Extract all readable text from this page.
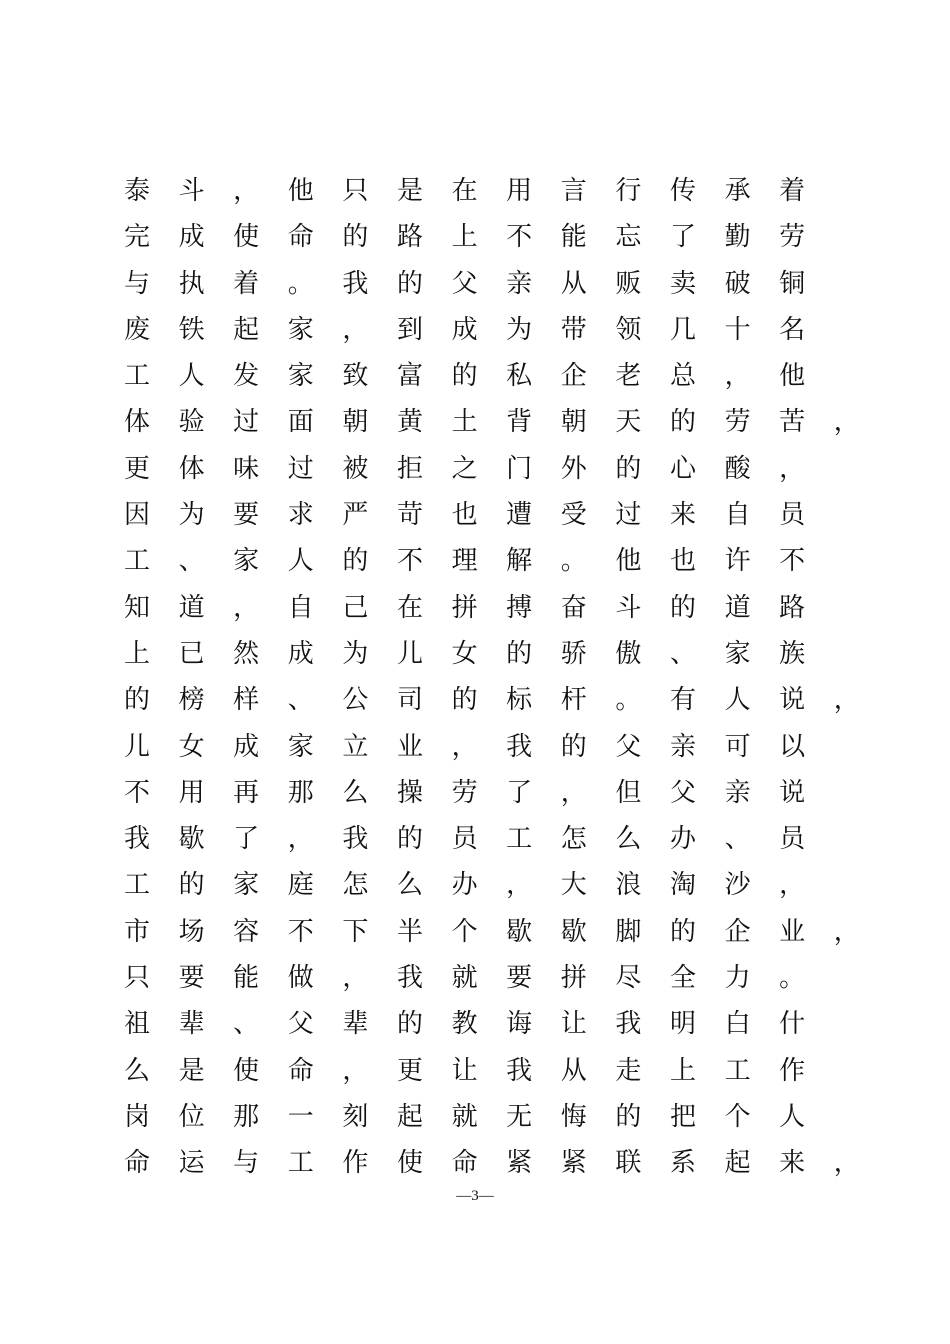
泰 斗 ， 他 只 是 在 用 言 行 传 承 着
完 成 使 命 的 路 上 不 能 忘 了 勤 劳
与 执 着 。 我 的 父 亲 从 贩 卖 破 铜
废 铁 起 家 ， 到 成 为 带 领 几 十 名
工 人 发 家 致 富 的 私 企 老 总 ， 他
体 验 过 面 朝 黄 土 背 朝 天 的 劳 苦 ，
更 体 味 过 被 拒 之 门 外 的 心 酸 ，
因 为 要 求 严 苛 也 遭 受 过 来 自 员
工 、 家 人 的 不 理 解 。 他 也 许 不
知 道 ， 自 己 在 拼 搏 奋 斗 的 道 路
上 已 然 成 为 儿 女 的 骄 傲 、 家 族
的 榜 样 、 公 司 的 标 杆 。 有 人 说 ，
儿 女 成 家 立 业 ， 我 的 父 亲 可 以
不 用 再 那 么 操 劳 了 ， 但 父 亲 说
我 歇 了 ， 我 的 员 工 怎 么 办 、 员
工 的 家 庭 怎 么 办 ， 大 浪 淘 沙 ，
市 场 容 不 下 半 个 歇 歇 脚 的 企 业 ，
只 要 能 做 ， 我 就 要 拼 尽 全 力 。
祖 辈 、 父 辈 的 教 诲 让 我 明 白 什
么 是 使 命 ， 更 让 我 从 走 上 工 作
岗 位 那 一 刻 起 就 无 悔 的 把 个 人
命 运 与 工 作 使 命 紧 紧 联 系 起 来 ，
—3—
